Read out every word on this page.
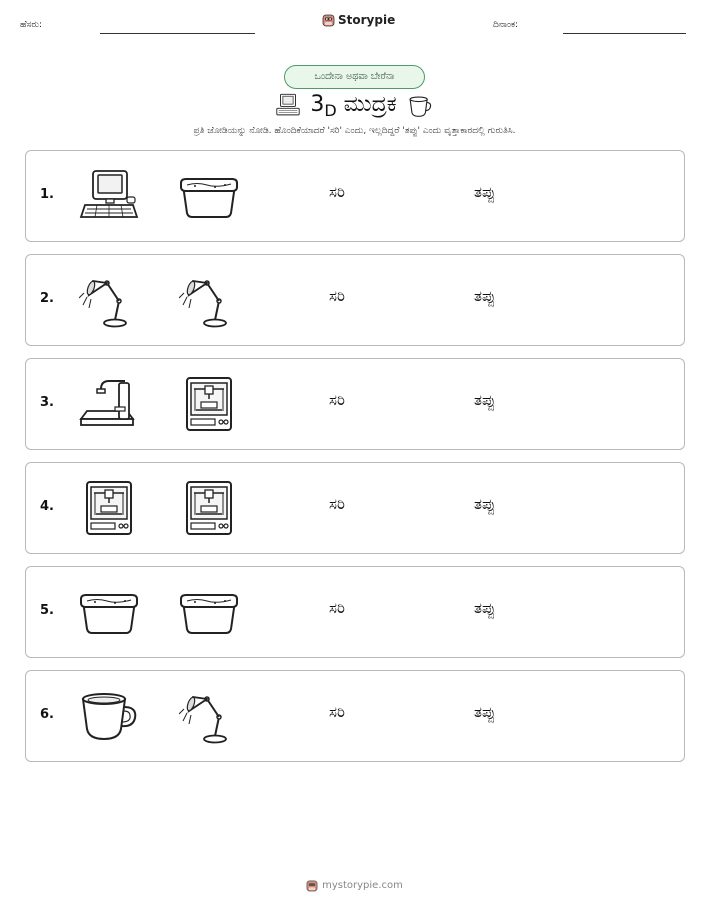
ಹೆಸರು:	Storypie	ದಿನಾಂಕ:
ಒಂದೇನಾ ಅಥವಾ ಬೇರೆನಾ
$3_D$ ಮುದ್ರಕ
ಪ್ರತಿ ಜೋಡಿಯನ್ನು ನೋಡಿ. ಹೊಂದಿಕೆಯಾದರೆ 'ಸರಿ' ಎಂದು, ಇಲ್ಲದಿದ್ದರೆ 'ತಪ್ಪು' ಎಂದು ವೃತ್ತಾಕಾರದಲ್ಲಿ ಗುರುತಿಸಿ.
1.	ಸರಿ	ತಪ್ಪು
2.	ಸರಿ	ತಪ್ಪು
3.	ಸರಿ	ತಪ್ಪು
4.	ಸರಿ	ತಪ್ಪು
5.	ಸರಿ	ತಪ್ಪು
6.	ಸರಿ	ತಪ್ಪು
mystorypie.com
